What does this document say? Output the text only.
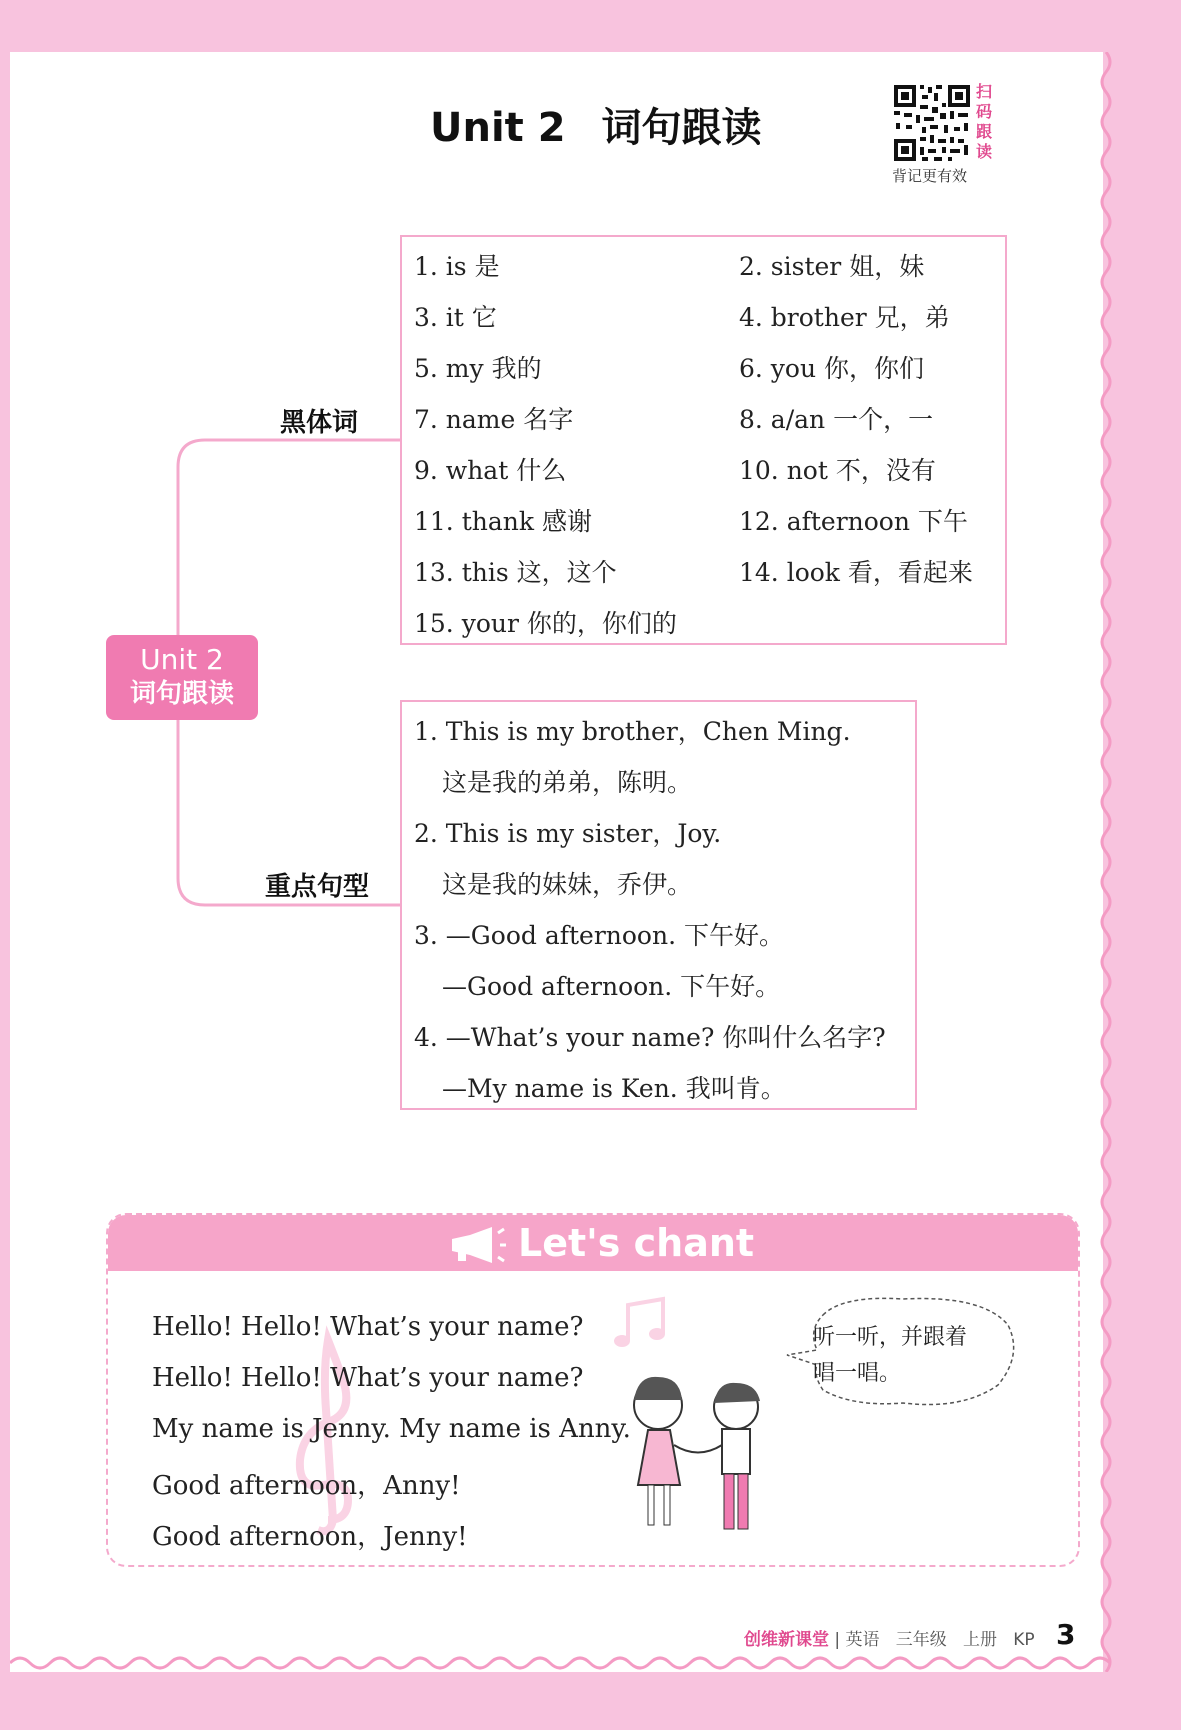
Unit 2 词句跟读
扫
码
跟
读
背记更有效
Unit 2
词句跟读
黑体词
重点句型
1. is 是	2. sister 姐，妹
3. it 它	4. brother 兄，弟
5. my 我的	6. you 你，你们
7. name 名字	8. a/an 一个，一
9. what 什么	10. not 不，没有
11. thank 感谢	12. afternoon 下午
13. this 这，这个	14. look 看，看起来
15. your 你的，你们的
1. This is my brother，Chen Ming.
这是我的弟弟，陈明。
2. This is my sister，Joy.
这是我的妹妹，乔伊。
3. —Good afternoon. 下午好。
—Good afternoon. 下午好。
4. —What’s your name? 你叫什么名字?
—My name is Ken. 我叫肯。
Let's chant
Hello! Hello! What’s your name?
Hello! Hello! What’s your name?
My name is Jenny. My name is Anny.
Good afternoon，Anny!
Good afternoon，Jenny!
听一听，并跟着
唱一唱。
创维新课堂 | 英语 三年级 上册 KP 3
